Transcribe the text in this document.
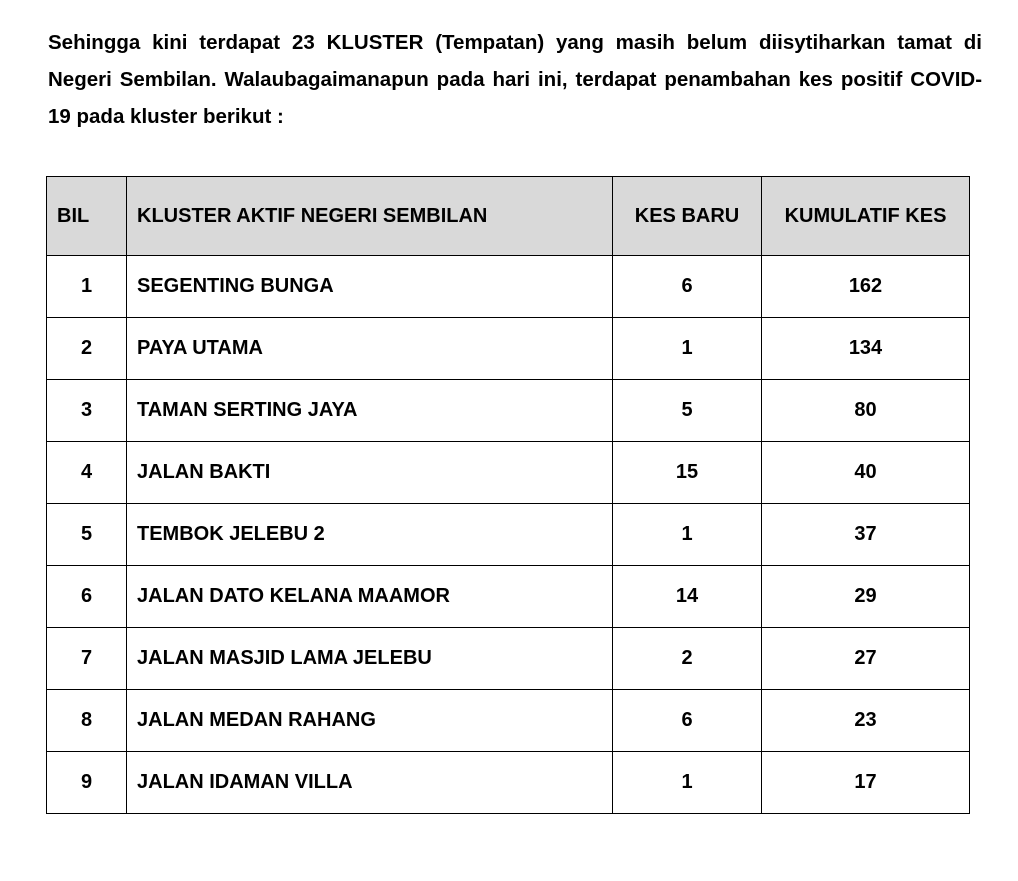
Sehingga kini terdapat 23 KLUSTER (Tempatan) yang masih belum diisytiharkan tamat di Negeri Sembilan. Walaubagaimanapun pada hari ini, terdapat penambahan kes positif COVID-19 pada kluster berikut :

BIL	KLUSTER AKTIF NEGERI SEMBILAN	KES BARU	KUMULATIF KES
1	SEGENTING BUNGA	6	162
2	PAYA UTAMA	1	134
3	TAMAN SERTING JAYA	5	80
4	JALAN BAKTI	15	40
5	TEMBOK JELEBU 2	1	37
6	JALAN DATO KELANA MAAMOR	14	29
7	JALAN MASJID LAMA JELEBU	2	27
8	JALAN MEDAN RAHANG	6	23
9	JALAN IDAMAN VILLA	1	17
